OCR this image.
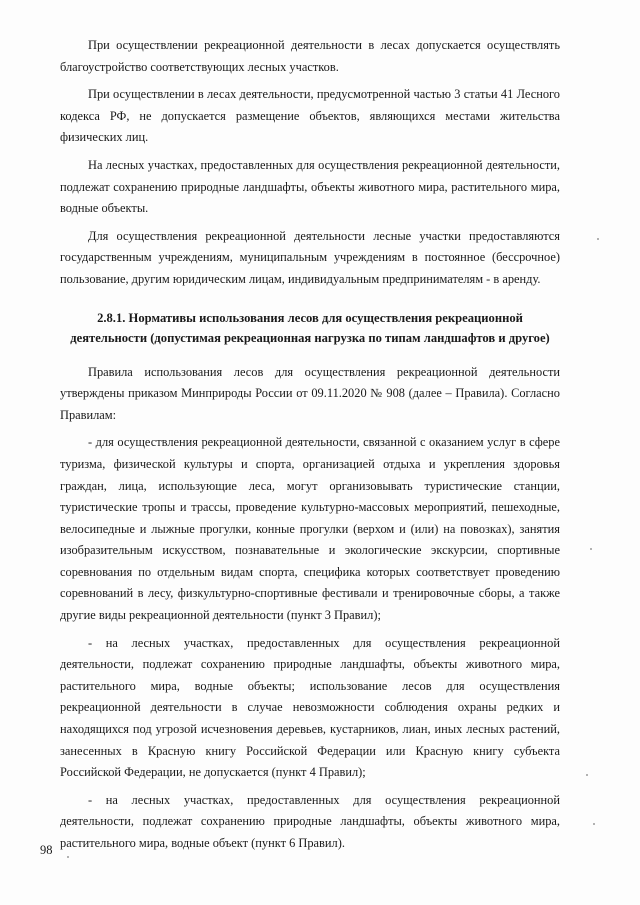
При осуществлении рекреационной деятельности в лесах допускается осуществлять благоустройство соответствующих лесных участков.

При осуществлении в лесах деятельности, предусмотренной частью 3 статьи 41 Лесного кодекса РФ, не допускается размещение объектов, являющихся местами жительства физических лиц.

На лесных участках, предоставленных для осуществления рекреационной деятельности, подлежат сохранению природные ландшафты, объекты животного мира, растительного мира, водные объекты.

Для осуществления рекреационной деятельности лесные участки предоставляются государственным учреждениям, муниципальным учреждениям в постоянное (бессрочное) пользование, другим юридическим лицам, индивидуальным предпринимателям - в аренду.

2.8.1. Нормативы использования лесов для осуществления рекреационной деятельности (допустимая рекреационная нагрузка по типам ландшафтов и другое)

Правила использования лесов для осуществления рекреационной деятельности утверждены приказом Минприроды России от 09.11.2020 № 908 (далее – Правила). Согласно Правилам:

- для осуществления рекреационной деятельности, связанной с оказанием услуг в сфере туризма, физической культуры и спорта, организацией отдыха и укрепления здоровья граждан, лица, использующие леса, могут организовывать туристические станции, туристические тропы и трассы, проведение культурно-массовых мероприятий, пешеходные, велосипедные и лыжные прогулки, конные прогулки (верхом и (или) на повозках), занятия изобразительным искусством, познавательные и экологические экскурсии, спортивные соревнования по отдельным видам спорта, специфика которых соответствует проведению соревнований в лесу, физкультурно-спортивные фестивали и тренировочные сборы, а также другие виды рекреационной деятельности (пункт 3 Правил);

- на лесных участках, предоставленных для осуществления рекреационной деятельности, подлежат сохранению природные ландшафты, объекты животного мира, растительного мира, водные объекты; использование лесов для осуществления рекреационной деятельности в случае невозможности соблюдения охраны редких и находящихся под угрозой исчезновения деревьев, кустарников, лиан, иных лесных растений, занесенных в Красную книгу Российской Федерации или Красную книгу субъекта Российской Федерации, не допускается (пункт 4 Правил);

- на лесных участках, предоставленных для осуществления рекреационной деятельности, подлежат сохранению природные ландшафты, объекты животного мира, растительного мира, водные объект (пункт 6 Правил).

98
